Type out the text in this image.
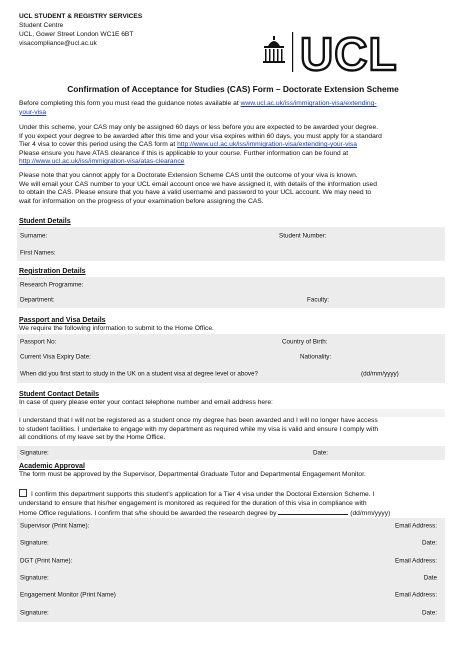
UCL STUDENT & REGISTRY SERVICES
Student Centre
UCL, Gower Street London WC1E 6BT
visacompliance@ucl.ac.uk	UCL
Confirmation of Acceptance for Studies (CAS) Form – Doctorate Extension Scheme
Before completing this form you must read the guidance notes available at www.ucl.ac.uk/iss/immigration-visa/extending-
your-visa
Under this scheme, your CAS may only be assigned 60 days or less before you are expected to be awarded your degree.
If you expect your degree to be awarded after this time and your visa expires within 60 days, you must apply for a standard
Tier 4 visa to cover this period using the CAS form at http://www.ucl.ac.uk/iss/immigration-visa/extending-your-visa
Please ensure you have ATAS clearance if this is applicable to your course. Further information can be found at
http://www.ucl.ac.uk/iss/immigration-visa/atas-clearance
Please note that you cannot apply for a Doctorate Extension Scheme CAS until the outcome of your viva is known.
We will email your CAS number to your UCL email account once we have assigned it, with details of the information used
to obtain the CAS. Please ensure that you have a valid username and password to your UCL account. We may need to
wait for information on the progress of your examination before assigning the CAS.
Student Details
Surname:	Student Number:
First Names:
Registration Details
Research Programme:
Department:	Faculty:
Passport and Visa Details
We require the following information to submit to the Home Office.
Passport No:	Country of Birth:
Current Visa Expiry Date:	Nationality:
When did you first start to study in the UK on a student visa at degree level or above?	(dd/mm/yyyy)
Student Contact Details
In case of query please enter your contact telephone number and email address here:
I understand that I will not be registered as a student once my degree has been awarded and I will no longer have access
to student facilities. I undertake to engage with my department as required while my visa is valid and ensure I comply with
all conditions of my leave set by the Home Office.
Signature:	Date:
Academic Approval
The form must be approved by the Supervisor, Departmental Graduate Tutor and Departmental Engagement Monitor.
I confirm this department supports this student’s application for a Tier 4 visa under the Doctoral Extension Scheme. I
understand to ensure that his/her engagement is monitored as required for the duration of this visa in compliance with
Home Office regulations. I confirm that s/he should be awarded the research degree by	(dd/mm/yyyy)
Supervisor (Print Name):	Email Address:
Signature:	Date:
DGT (Print Name):	Email Address:
Signature:	Date
Engagement Monitor (Print Name)	Email Address:
Signature:	Date:
